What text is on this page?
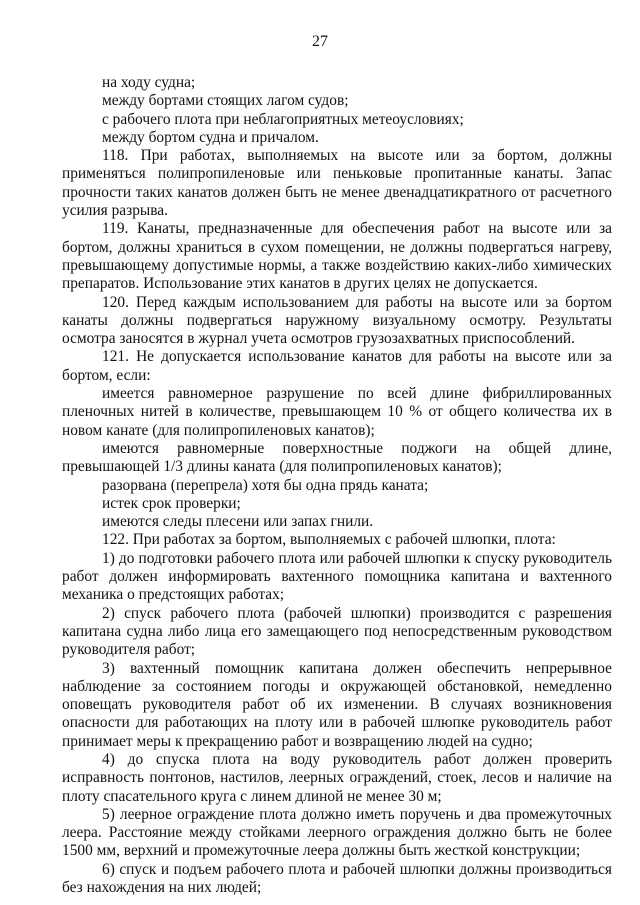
27

на ходу судна;

между бортами стоящих лагом судов;

с рабочего плота при неблагоприятных метеоусловиях;

между бортом судна и причалом.

118. При работах, выполняемых на высоте или за бортом, должны применяться полипропиленовые или пеньковые пропитанные канаты. Запас прочности таких канатов должен быть не менее двенадцатикратного от расчетного усилия разрыва.

119. Канаты, предназначенные для обеспечения работ на высоте или за бортом, должны храниться в сухом помещении, не должны подвергаться нагреву, превышающему допустимые нормы, а также воздействию каких-либо химических препаратов. Использование этих канатов в других целях не допускается.

120. Перед каждым использованием для работы на высоте или за бортом канаты должны подвергаться наружному визуальному осмотру. Результаты осмотра заносятся в журнал учета осмотров грузозахватных приспособлений.

121. Не допускается использование канатов для работы на высоте или за бортом, если:

имеется равномерное разрушение по всей длине фибриллированных пленочных нитей в количестве, превышающем 10 % от общего количества их в новом канате (для полипропиленовых канатов);

имеются равномерные поверхностные поджоги на общей длине, превышающей 1/3 длины каната (для полипропиленовых канатов);

разорвана (перепрела) хотя бы одна прядь каната;

истек срок проверки;

имеются следы плесени или запах гнили.

122. При работах за бортом, выполняемых с рабочей шлюпки, плота:

1) до подготовки рабочего плота или рабочей шлюпки к спуску руководитель работ должен информировать вахтенного помощника капитана и вахтенного механика о предстоящих работах;

2) спуск рабочего плота (рабочей шлюпки) производится с разрешения капитана судна либо лица его замещающего под непосредственным руководством руководителя работ;

3) вахтенный помощник капитана должен обеспечить непрерывное наблюдение за состоянием погоды и окружающей обстановкой, немедленно оповещать руководителя работ об их изменении. В случаях возникновения опасности для работающих на плоту или в рабочей шлюпке руководитель работ принимает меры к прекращению работ и возвращению людей на судно;

4) до спуска плота на воду руководитель работ должен проверить исправность понтонов, настилов, леерных ограждений, стоек, лесов и наличие на плоту спасательного круга с линем длиной не менее 30 м;

5) леерное ограждение плота должно иметь поручень и два промежуточных леера. Расстояние между стойками леерного ограждения должно быть не более 1500 мм, верхний и промежуточные леера должны быть жесткой конструкции;

6) спуск и подъем рабочего плота и рабочей шлюпки должны производиться без нахождения на них людей;
